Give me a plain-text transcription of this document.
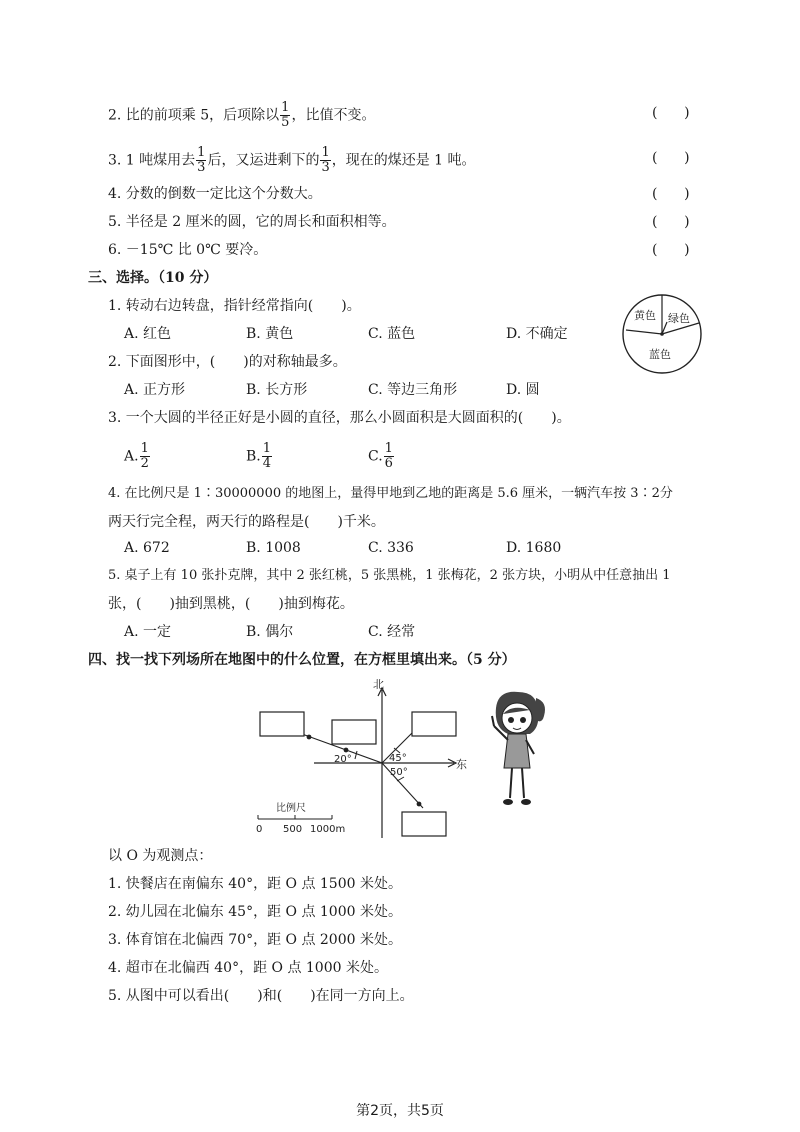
2. 比的前项乘 5，后项除以 $\frac{1}{5}$ ，比值不变。	(      )
3. 1 吨煤用去 $\frac{1}{3}$ 后，又运进剩下的 $\frac{1}{3}$ ，现在的煤还是 1 吨。	(      )
4. 分数的倒数一定比这个分数大。	(      )
5. 半径是 2 厘米的圆，它的周长和面积相等。	(      )
6. －15℃ 比 0℃ 要冷。	(      )
三、选择。（10 分）
1. 转动右边转盘，指针经常指向(　　)。
A. 红色	B. 黄色	C. 蓝色	D. 不确定
黄色 绿色
蓝色
2. 下面图形中，(　　)的对称轴最多。
A. 正方形	B. 长方形	C. 等边三角形	D. 圆
3. 一个大圆的半径正好是小圆的直径，那么小圆面积是大圆面积的(　　)。
A. $\frac{1}{2}$	B. $\frac{1}{4}$	C. $\frac{1}{6}$
4. 在比例尺是 1∶30000000 的地图上，量得甲地到乙地的距离是 5.6 厘米，一辆汽车按 3∶2分
两天行完全程，两天行的路程是(　　)千米。
A. 672	B. 1008	C. 336	D. 1680
5. 桌子上有 10 张扑克牌，其中 2 张红桃，5 张黑桃，1 张梅花，2 张方块，小明从中任意抽出 1
张，(　　)抽到黑桃，(　　)抽到梅花。
A. 一定	B. 偶尔	C. 经常
四、找一找下列场所在地图中的什么位置，在方框里填出来。（5 分）
北
东
45°
20°
50°
比例尺
0 500 1000m
以 O 为观测点：
1. 快餐店在南偏东 40°，距 O 点 1500 米处。
2. 幼儿园在北偏东 45°，距 O 点 1000 米处。
3. 体育馆在北偏西 70°，距 O 点 2000 米处。
4. 超市在北偏西 40°，距 O 点 1000 米处。
5. 从图中可以看出(　　)和(　　)在同一方向上。
第2页，共5页
